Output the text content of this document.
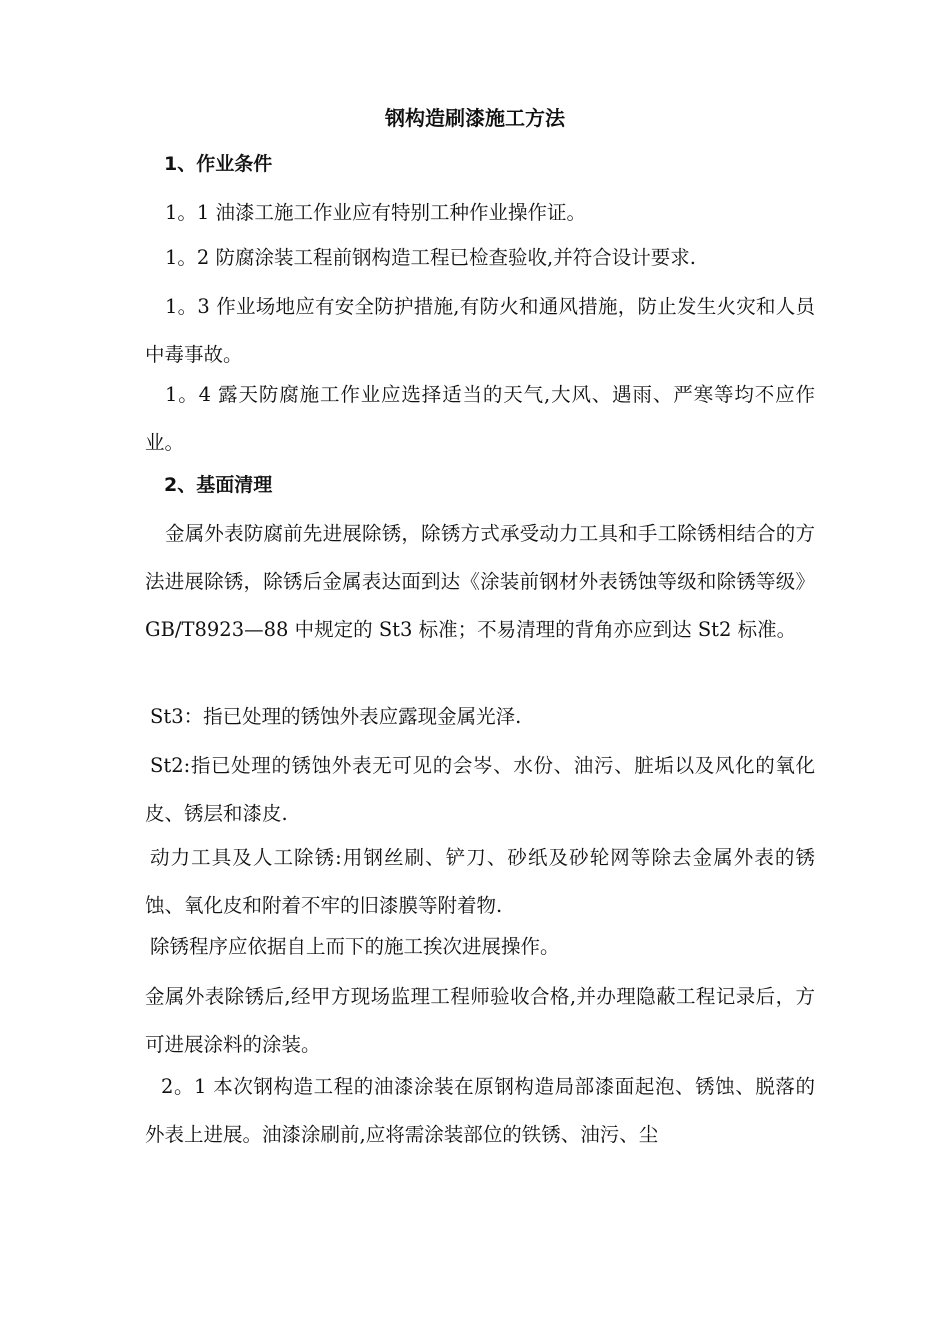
钢构造刷漆施工方法
1、作业条件
1。1 油漆工施工作业应有特别工种作业操作证。
1。2 防腐涂装工程前钢构造工程已检查验收,并符合设计要求.
1。3 作业场地应有安全防护措施,有防火和通风措施，防止发生火灾和人员中毒事故。
1。4 露天防腐施工作业应选择适当的天气,大风、遇雨、严寒等均不应作业。
2、基面清理
金属外表防腐前先进展除锈，除锈方式承受动力工具和手工除锈相结合的方法进展除锈，除锈后金属表达面到达《涂装前钢材外表锈蚀等级和除锈等级》GB/T8923—88 中规定的 St3 标准；不易清理的背角亦应到达 St2 标准。
St3：指已处理的锈蚀外表应露现金属光泽.
St2:指已处理的锈蚀外表无可见的会岑、水份、油污、脏垢以及风化的氧化皮、锈层和漆皮.
动力工具及人工除锈:用钢丝刷、铲刀、砂纸及砂轮网等除去金属外表的锈蚀、氧化皮和附着不牢的旧漆膜等附着物.
除锈程序应依据自上而下的施工挨次进展操作。
金属外表除锈后,经甲方现场监理工程师验收合格,并办理隐蔽工程记录后，方可进展涂料的涂装。
2。1 本次钢构造工程的油漆涂装在原钢构造局部漆面起泡、锈蚀、脱落的外表上进展。油漆涂刷前,应将需涂装部位的铁锈、油污、尘
